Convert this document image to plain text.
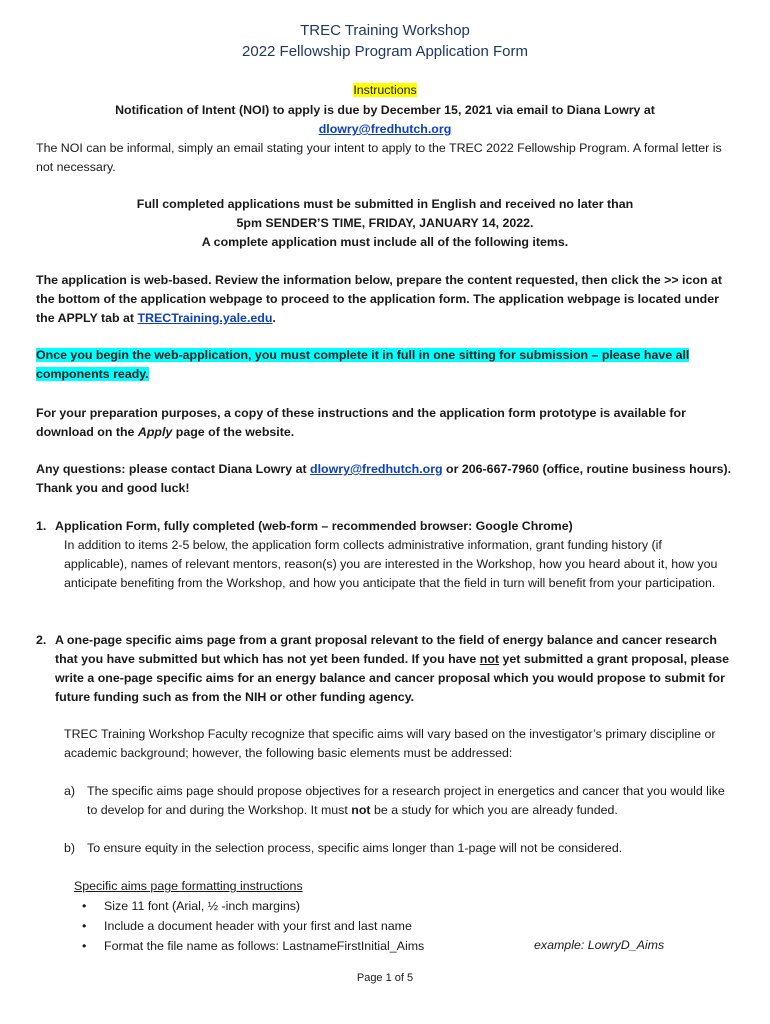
TREC Training Workshop
2022 Fellowship Program Application Form
Instructions
Notification of Intent (NOI) to apply is due by December 15, 2021 via email to Diana Lowry at
dlowry@fredhutch.org
The NOI can be informal, simply an email stating your intent to apply to the TREC 2022 Fellowship Program. A formal letter is not necessary.
Full completed applications must be submitted in English and received no later than
5pm SENDER’S TIME, FRIDAY, JANUARY 14, 2022.
A complete application must include all of the following items.
The application is web-based. Review the information below, prepare the content requested, then click the >> icon at the bottom of the application webpage to proceed to the application form. The application webpage is located under the APPLY tab at TRECTraining.yale.edu.
Once you begin the web-application, you must complete it in full in one sitting for submission – please have all components ready.
For your preparation purposes, a copy of these instructions and the application form prototype is available for download on the Apply page of the website.
Any questions: please contact Diana Lowry at dlowry@fredhutch.org or 206-667-7960 (office, routine business hours). Thank you and good luck!
1. Application Form, fully completed (web-form – recommended browser: Google Chrome)
In addition to items 2-5 below, the application form collects administrative information, grant funding history (if applicable), names of relevant mentors, reason(s) you are interested in the Workshop, how you heard about it, how you anticipate benefiting from the Workshop, and how you anticipate that the field in turn will benefit from your participation.
2. A one-page specific aims page from a grant proposal relevant to the field of energy balance and cancer research that you have submitted but which has not yet been funded. If you have not yet submitted a grant proposal, please write a one-page specific aims for an energy balance and cancer proposal which you would propose to submit for future funding such as from the NIH or other funding agency.
TREC Training Workshop Faculty recognize that specific aims will vary based on the investigator’s primary discipline or academic background; however, the following basic elements must be addressed:
a) The specific aims page should propose objectives for a research project in energetics and cancer that you would like to develop for and during the Workshop. It must not be a study for which you are already funded.
b) To ensure equity in the selection process, specific aims longer than 1-page will not be considered.
Specific aims page formatting instructions
• Size 11 font (Arial, ½ -inch margins)
• Include a document header with your first and last name
• Format the file name as follows: LastnameFirstInitial_Aims	example: LowryD_Aims
Page 1 of 5
